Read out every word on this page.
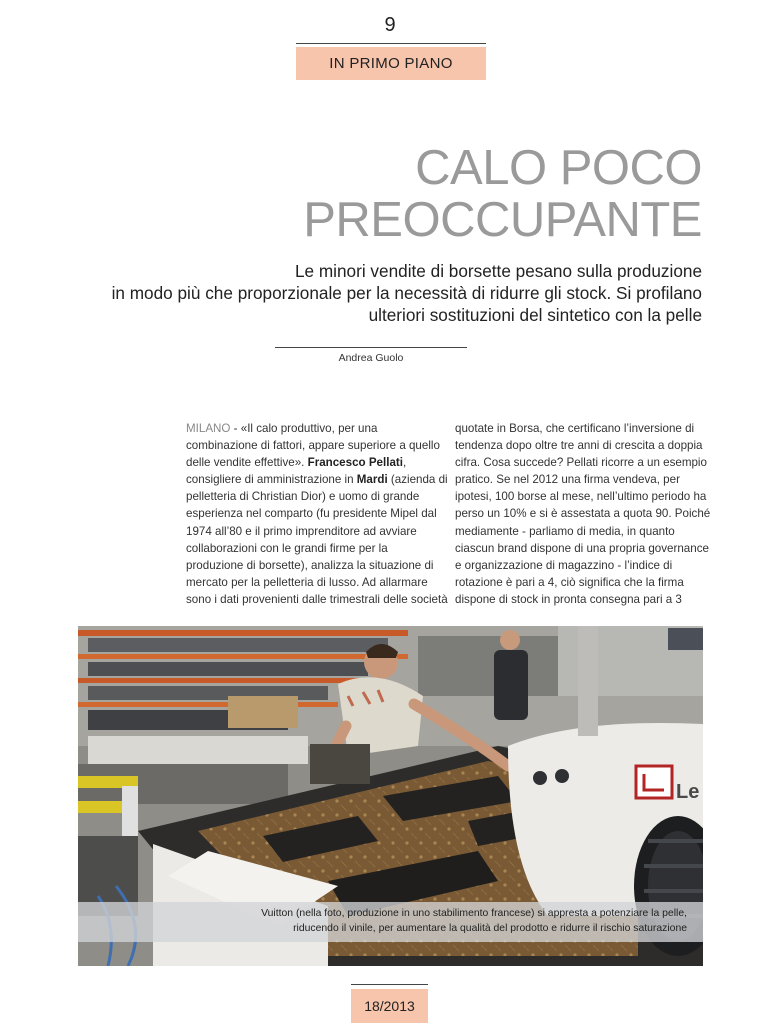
9
IN PRIMO PIANO
CALO POCO
PREOCCUPANTE

Le minori vendite di borsette pesano sulla produzione
in modo più che proporzionale per la necessità di ridurre gli stock. Si profilano
ulteriori sostituzioni del sintetico con la pelle

Andrea Guolo

MILANO - «Il calo produttivo, per una combinazione di fattori, appare superiore a quello delle vendite effettive». Francesco Pellati, consigliere di amministrazione in Mardi (azienda di pelletteria di Christian Dior) e uomo di grande esperienza nel comparto (fu presidente Mipel dal 1974 all’80 e il primo imprenditore ad avviare collaborazioni con le grandi firme per la produzione di borsette), analizza la situazione di mercato per la pelletteria di lusso. Ad allarmare sono i dati provenienti dalle trimestrali delle società

quotate in Borsa, che certificano l’inversione di tendenza dopo oltre tre anni di crescita a doppia cifra. Cosa succede? Pellati ricorre a un esempio pratico. Se nel 2012 una firma vendeva, per ipotesi, 100 borse al mese, nell’ultimo periodo ha perso un 10% e si è assestata a quota 90. Poiché mediamente - parliamo di media, in quanto ciascun brand dispone di una propria governance e organizzazione di magazzino - l’indice di rotazione è pari a 4, ciò significa che la firma dispone di stock in pronta consegna pari a 3

Le
Vuitton (nella foto, produzione in uno stabilimento francese) si appresta a potenziare la pelle,
riducendo il vinile, per aumentare la qualità del prodotto e ridurre il rischio saturazione
18/2013
